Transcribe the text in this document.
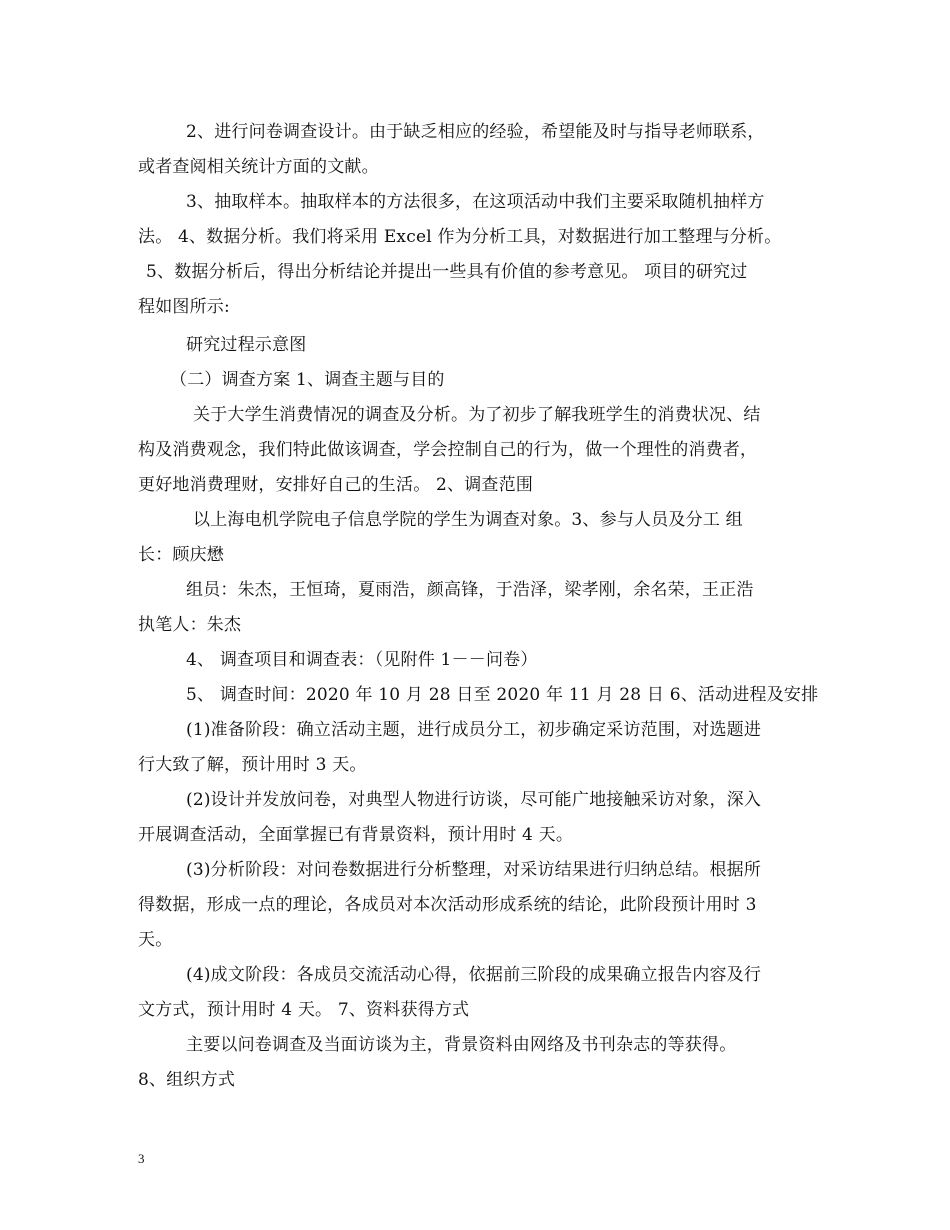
2、进行问卷调查设计。由于缺乏相应的经验，希望能及时与指导老师联系，
或者查阅相关统计方面的文献。
3、抽取样本。抽取样本的方法很多，在这项活动中我们主要采取随机抽样方
法。 4、数据分析。我们将采用 Excel 作为分析工具，对数据进行加工整理与分析。
5、数据分析后，得出分析结论并提出一些具有价值的参考意见。 项目的研究过
程如图所示:
研究过程示意图
（二）调查方案 1、调查主题与目的
关于大学生消费情况的调查及分析。为了初步了解我班学生的消费状况、结
构及消费观念，我们特此做该调查，学会控制自己的行为，做一个理性的消费者，
更好地消费理财，安排好自己的生活。 2、调查范围
以上海电机学院电子信息学院的学生为调查对象。3、参与人员及分工 组
长：顾庆懋
组员：朱杰，王恒琦，夏雨浩，颜高锋，于浩泽，梁孝刚，余名荣，王正浩
执笔人：朱杰
4、 调查项目和调查表：（见附件 1－－问卷）
5、 调查时间：2020 年 10 月 28 日至 2020 年 11 月 28 日 6、活动进程及安排
(1)准备阶段：确立活动主题，进行成员分工，初步确定采访范围，对选题进
行大致了解，预计用时 3 天。
(2)设计并发放问卷，对典型人物进行访谈，尽可能广地接触采访对象，深入
开展调查活动，全面掌握已有背景资料，预计用时 4 天。
(3)分析阶段：对问卷数据进行分析整理，对采访结果进行归纳总结。根据所
得数据，形成一点的理论，各成员对本次活动形成系统的结论，此阶段预计用时 3
天。
(4)成文阶段：各成员交流活动心得，依据前三阶段的成果确立报告内容及行
文方式，预计用时 4 天。 7、资料获得方式
主要以问卷调查及当面访谈为主，背景资料由网络及书刊杂志的等获得。
8、组织方式
3
